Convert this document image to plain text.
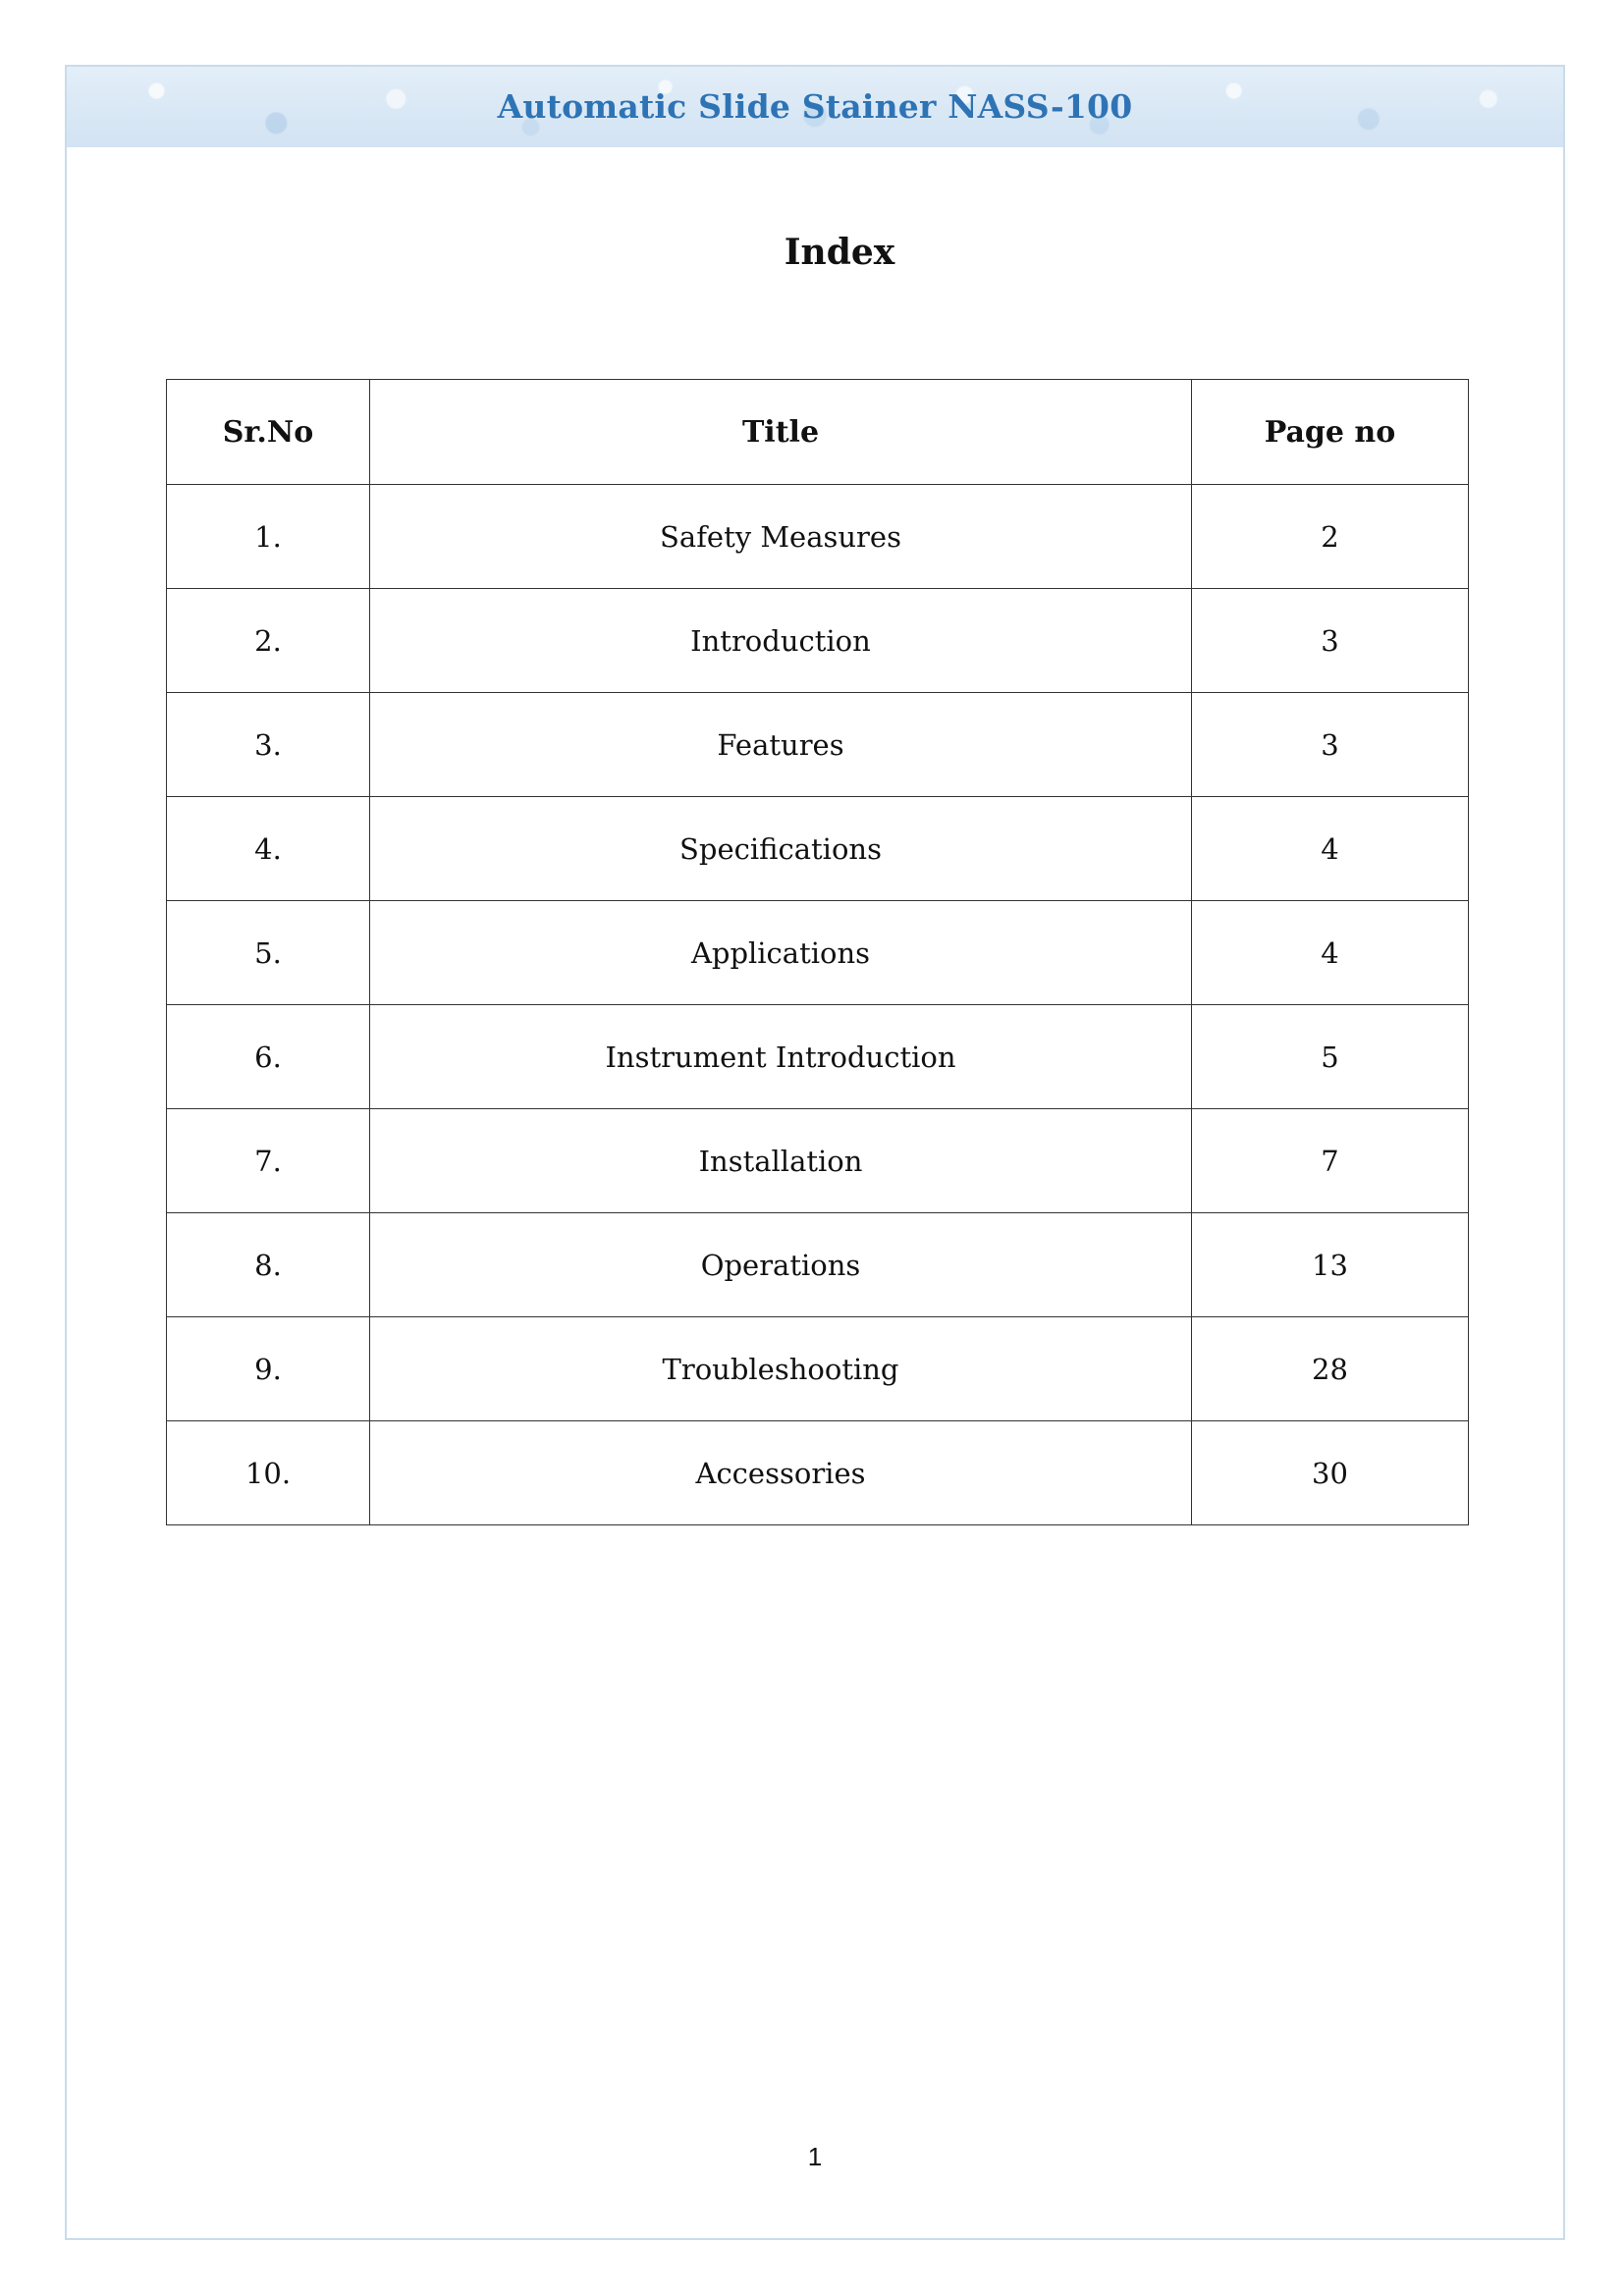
Automatic Slide Stainer NASS-100
Index
Sr.No	Title	Page no
1.	Safety Measures	2
2.	Introduction	3
3.	Features	3
4.	Specifications	4
5.	Applications	4
6.	Instrument Introduction	5
7.	Installation	7
8.	Operations	13
9.	Troubleshooting	28
10.	Accessories	30
1
